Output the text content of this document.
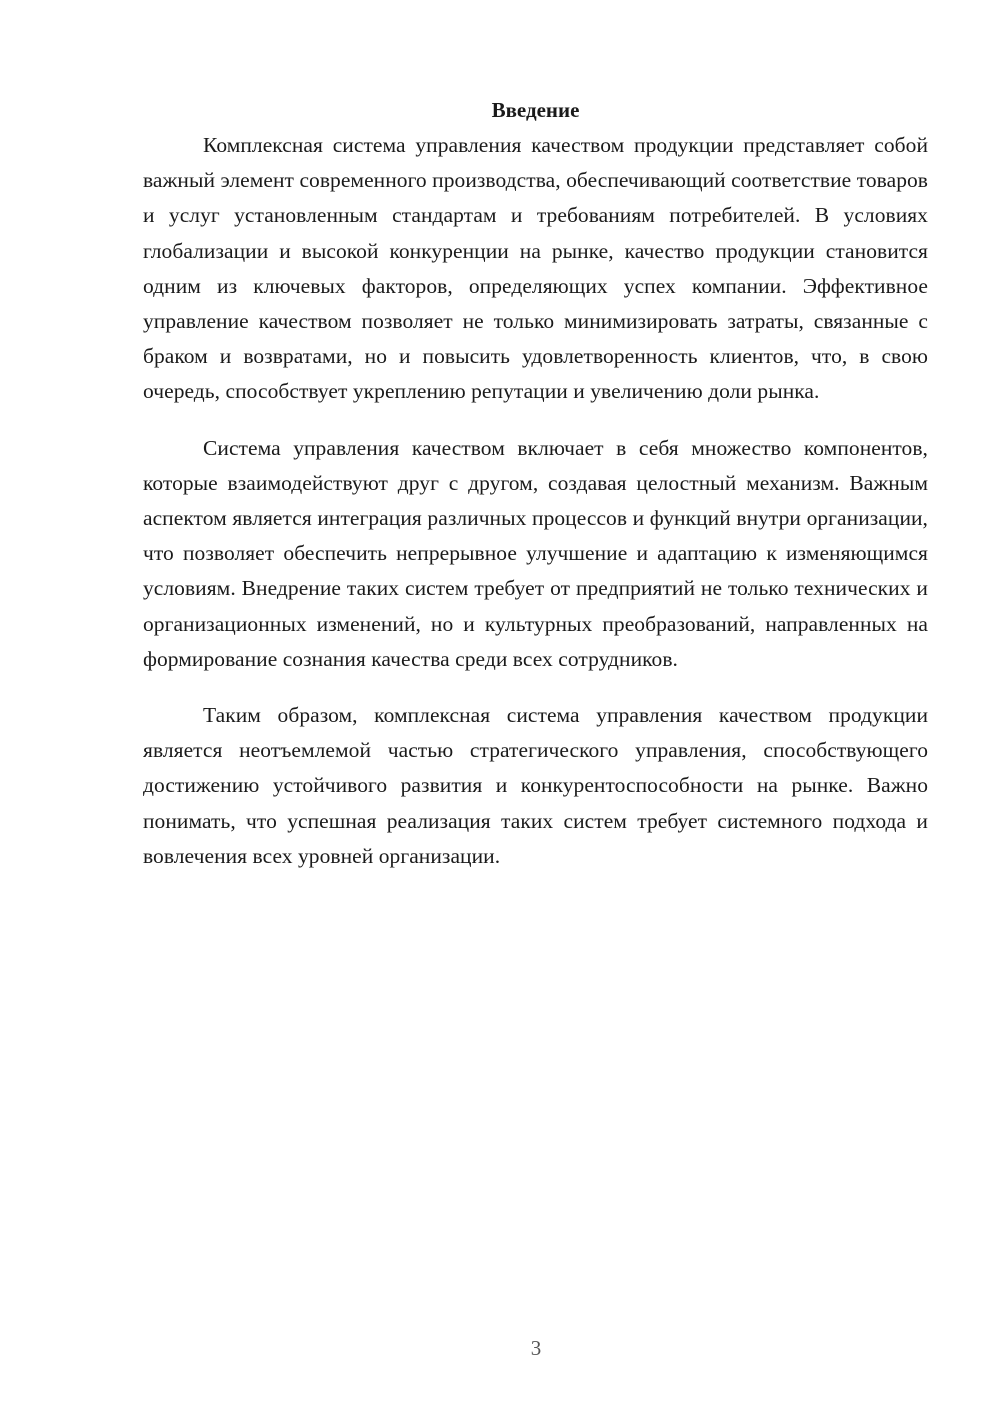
Введение

Комплексная система управления качеством продукции представляет собой важный элемент современного производства, обеспечивающий соответствие товаров и услуг установленным стандартам и требованиям потребителей. В условиях глобализации и высокой конкуренции на рынке, качество продукции становится одним из ключевых факторов, определяющих успех компании. Эффективное управление качеством позволяет не только минимизировать затраты, связанные с браком и возвратами, но и повысить удовлетворенность клиентов, что, в свою очередь, способствует укреплению репутации и увеличению доли рынка.

Система управления качеством включает в себя множество компонентов, которые взаимодействуют друг с другом, создавая целостный механизм. Важным аспектом является интеграция различных процессов и функций внутри организации, что позволяет обеспечить непрерывное улучшение и адаптацию к изменяющимся условиям. Внедрение таких систем требует от предприятий не только технических и организационных изменений, но и культурных преобразований, направленных на формирование сознания качества среди всех сотрудников.

Таким образом, комплексная система управления качеством продукции является неотъемлемой частью стратегического управления, способствующего достижению устойчивого развития и конкурентоспособности на рынке. Важно понимать, что успешная реализация таких систем требует системного подхода и вовлечения всех уровней организации.

3
